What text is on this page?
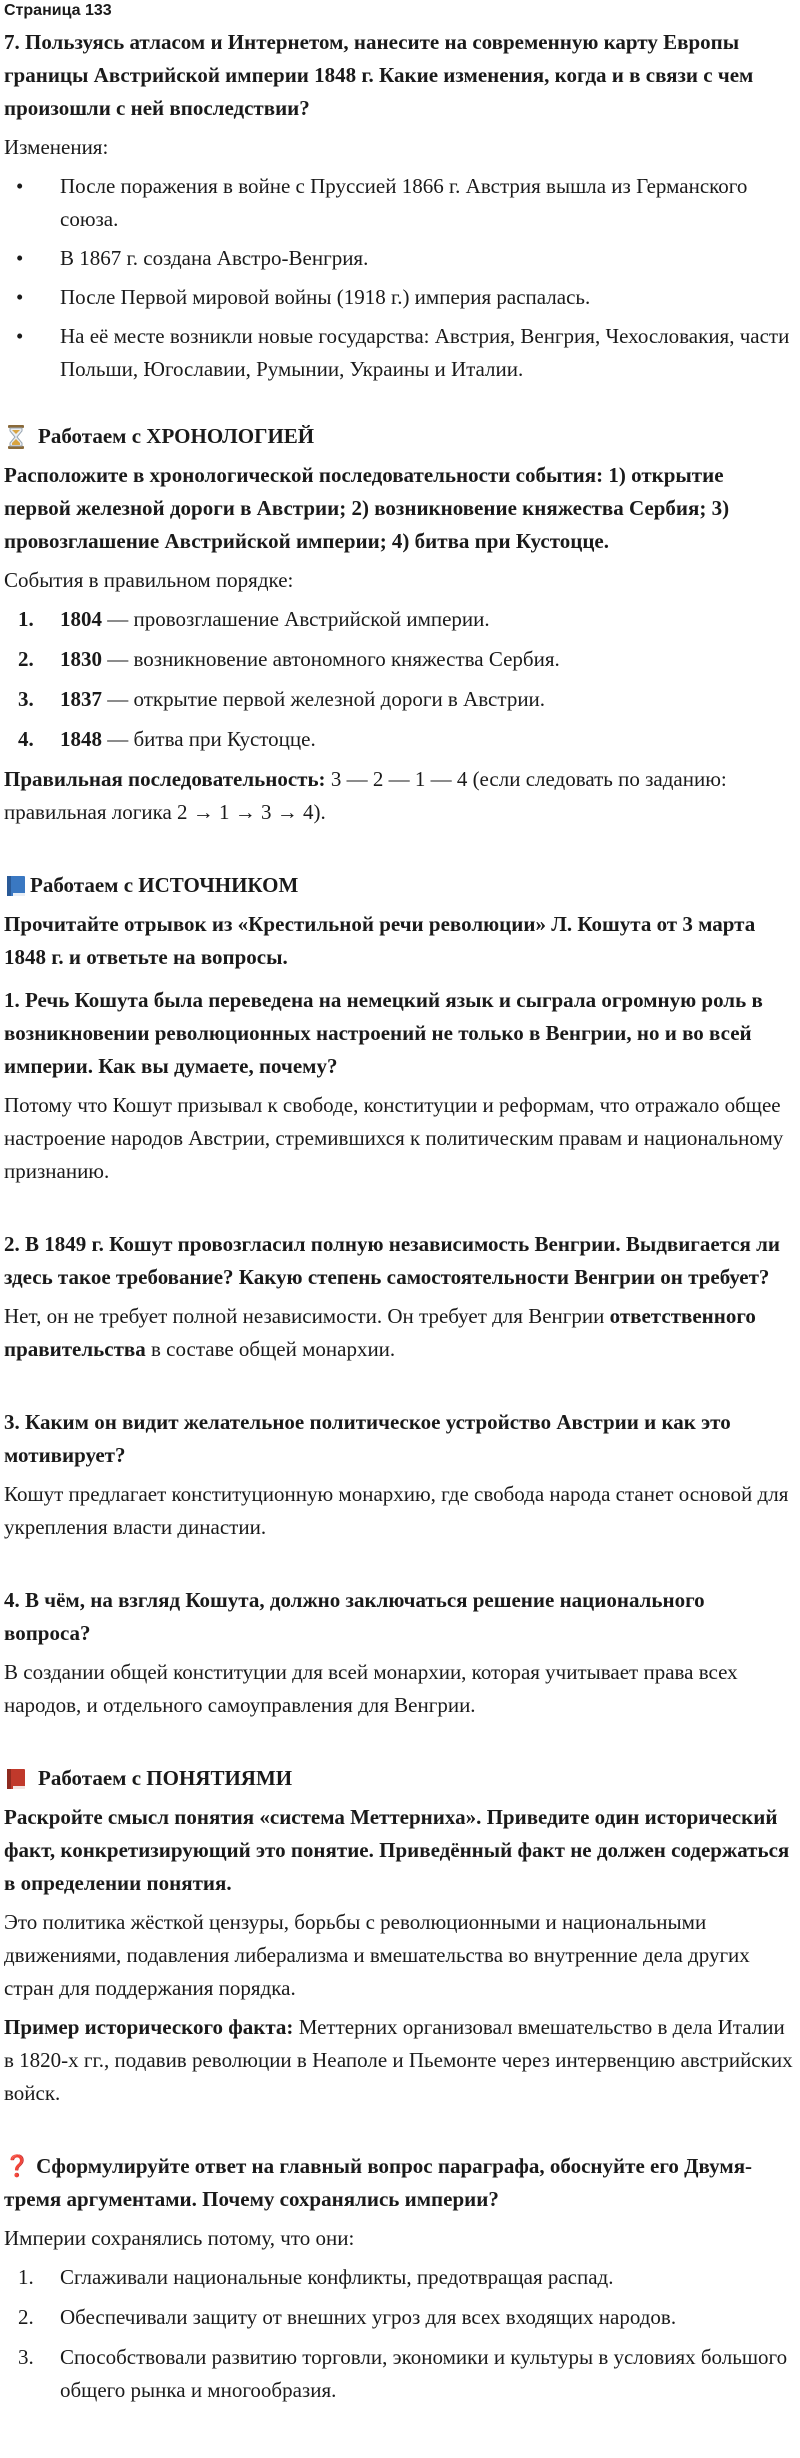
Страница 133

7. Пользуясь атласом и Интернетом, нанесите на современную карту Европы границы Австрийской империи 1848 г. Какие изменения, когда и в связи с чем произошли с ней впоследствии?

Изменения:

• После поражения в войне с Пруссией 1866 г. Австрия вышла из Германского союза.
• В 1867 г. создана Австро-Венгрия.
• После Первой мировой войны (1918 г.) империя распалась.
• На её месте возникли новые государства: Австрия, Венгрия, Чехословакия, части Польши, Югославии, Румынии, Украины и Италии.
Работаем с ХРОНОЛОГИЕЙ

Расположите в хронологической последовательности события: 1) открытие первой железной дороги в Австрии; 2) возникновение княжества Сербия; 3) провозглашение Австрийской империи; 4) битва при Кустоцце.

События в правильном порядке:

1. 1804 — провозглашение Австрийской империи.
2. 1830 — возникновение автономного княжества Сербия.
3. 1837 — открытие первой железной дороги в Австрии.
4. 1848 — битва при Кустоцце.

Правильная последовательность: 3 — 2 — 1 — 4 (если следовать по заданию: правильная логика 2 → 1 → 3 → 4).

Работаем с ИСТОЧНИКОМ

Прочитайте отрывок из «Крестильной речи революции» Л. Кошута от 3 марта 1848 г. и ответьте на вопросы.

1. Речь Кошута была переведена на немецкий язык и сыграла огромную роль в возникновении революционных настроений не только в Венгрии, но и во всей империи. Как вы думаете, почему?

Потому что Кошут призывал к свободе, конституции и реформам, что отражало общее настроение народов Австрии, стремившихся к политическим правам и национальному признанию.

2. В 1849 г. Кошут провозгласил полную независимость Венгрии. Выдвигается ли здесь такое требование? Какую степень самостоятельности Венгрии он требует?

Нет, он не требует полной независимости. Он требует для Венгрии ответственного правительства в составе общей монархии.

3. Каким он видит желательное политическое устройство Австрии и как это мотивирует?

Кошут предлагает конституционную монархию, где свобода народа станет основой для укрепления власти династии.

4. В чём, на взгляд Кошута, должно заключаться решение национального вопроса?

В создании общей конституции для всей монархии, которая учитывает права всех народов, и отдельного самоуправления для Венгрии.

Работаем с ПОНЯТИЯМИ

Раскройте смысл понятия «система Меттерниха». Приведите один исторический факт, конкретизирующий это понятие. Приведённый факт не должен содержаться в определении понятия.

Это политика жёсткой цензуры, борьбы с революционными и национальными движениями, подавления либерализма и вмешательства во внутренние дела других стран для поддержания порядка.

Пример исторического факта: Меттерних организовал вмешательство в дела Италии в 1820-х гг., подавив революции в Неаполе и Пьемонте через интервенцию австрийских войск.

❓ Сформулируйте ответ на главный вопрос параграфа, обоснуйте его Двумя-тремя аргументами. Почему сохранялись империи?

Империи сохранялись потому, что они:

1. Сглаживали национальные конфликты, предотвращая распад.
2. Обеспечивали защиту от внешних угроз для всех входящих народов.
3. Способствовали развитию торговли, экономики и культуры в условиях большого общего рынка и многообразия.
